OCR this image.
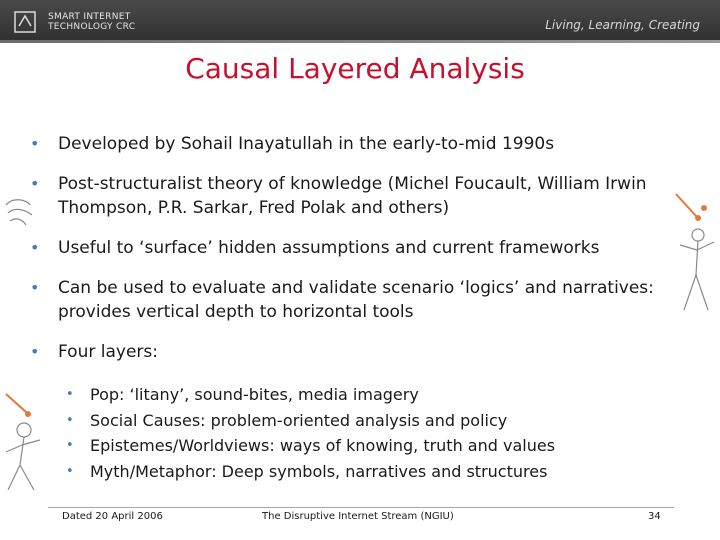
SMART INTERNET
TECHNOLOGY CRC	Living, Learning, Creating
Causal Layered Analysis
• Developed by Sohail Inayatullah in the early-to-mid 1990s
• Post-structuralist theory of knowledge (Michel Foucault, William Irwin Thompson, P.R. Sarkar, Fred Polak and others)
• Useful to ‘surface’ hidden assumptions and current frameworks
• Can be used to evaluate and validate scenario ‘logics’ and narratives: provides vertical depth to horizontal tools
• Four layers:
• Pop: ‘litany’, sound-bites, media imagery
• Social Causes: problem-oriented analysis and policy
• Epistemes/Worldviews: ways of knowing, truth and values
• Myth/Metaphor: Deep symbols, narratives and structures
Dated 20 April 2006	The Disruptive Internet Stream (NGIU)	34
